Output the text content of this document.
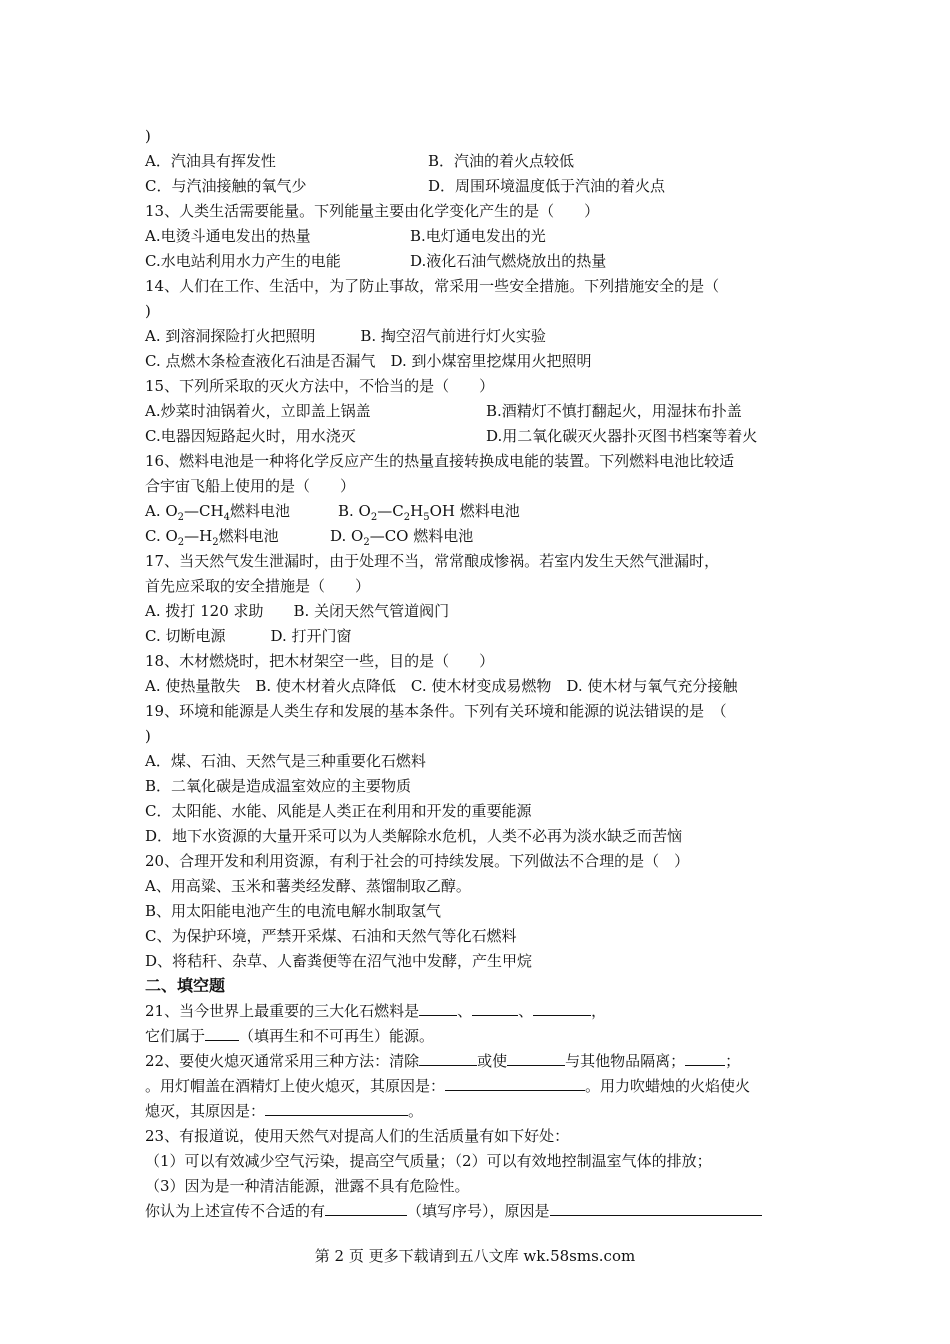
)
A．汽油具有挥发性	B．汽油的着火点较低
C．与汽油接触的氧气少	D．周围环境温度低于汽油的着火点
13、人类生活需要能量。下列能量主要由化学变化产生的是（　　）
A.电烫斗通电发出的热量	B.电灯通电发出的光
C.水电站利用水力产生的电能	D.液化石油气燃烧放出的热量
14、人们在工作、生活中，为了防止事故，常采用一些安全措施。下列措施安全的是（
)
A. 到溶洞探险打火把照明　　　B. 掏空沼气前进行灯火实验
C. 点燃木条检查液化石油是否漏气　D. 到小煤窑里挖煤用火把照明
15、下列所采取的灭火方法中，不恰当的是（　　）
A.炒菜时油锅着火，立即盖上锅盖	B.酒精灯不慎打翻起火，用湿抹布扑盖
C.电器因短路起火时，用水浇灭	D.用二氧化碳灭火器扑灭图书档案等着火
16、燃料电池是一种将化学反应产生的热量直接转换成电能的装置。下列燃料电池比较适
合宇宙飞船上使用的是（　　）
A. $O_2—CH_4$燃料电池	B. $O_2—C_2H_5OH$ 燃料电池
C. $O_2—H_2$燃料电池	D. $O_2—CO$ 燃料电池
17、当天然气发生泄漏时，由于处理不当，常常酿成惨祸。若室内发生天然气泄漏时，
首先应采取的安全措施是（　　）
A. 拨打 120 求助　　B. 关闭天然气管道阀门
C. 切断电源　　　D. 打开门窗
18、木材燃烧时，把木材架空一些，目的是（　　）
A. 使热量散失　B. 使木材着火点降低　C. 使木材变成易燃物　D. 使木材与氧气充分接触
19、环境和能源是人类生存和发展的基本条件。下列有关环境和能源的说法错误的是　（
)
A．煤、石油、天然气是三种重要化石燃料
B．二氧化碳是造成温室效应的主要物质
C．太阳能、水能、风能是人类正在利用和开发的重要能源
D．地下水资源的大量开采可以为人类解除水危机，人类不必再为淡水缺乏而苦恼
20、合理开发和利用资源，有利于社会的可持续发展。下列做法不合理的是（　）
A、用高粱、玉米和薯类经发酵、蒸馏制取乙醇。
B、用太阳能电池产生的电流电解水制取氢气
C、为保护环境，严禁开采煤、石油和天然气等化石燃料
D、将秸秆、杂草、人畜粪便等在沼气池中发酵，产生甲烷
二、填空题
21、当今世界上最重要的三大化石燃料是	、	、	，
它们属于 （填再生和不可再生）能源。
22、要使火熄灭通常采用三种方法：清除	或使	与其他物品隔离；	；
。用灯帽盖在酒精灯上使火熄灭，其原因是：	。用力吹蜡烛的火焰使火
熄灭，其原因是：	。
23、有报道说，使用天然气对提高人们的生活质量有如下好处：
（1）可以有效减少空气污染，提高空气质量；（2）可以有效地控制温室气体的排放；
（3）因为是一种清洁能源，泄露不具有危险性。
你认为上述宣传不合适的有	（填写序号），原因是
第 2 页 更多下载请到五八文库 wk.58sms.com
